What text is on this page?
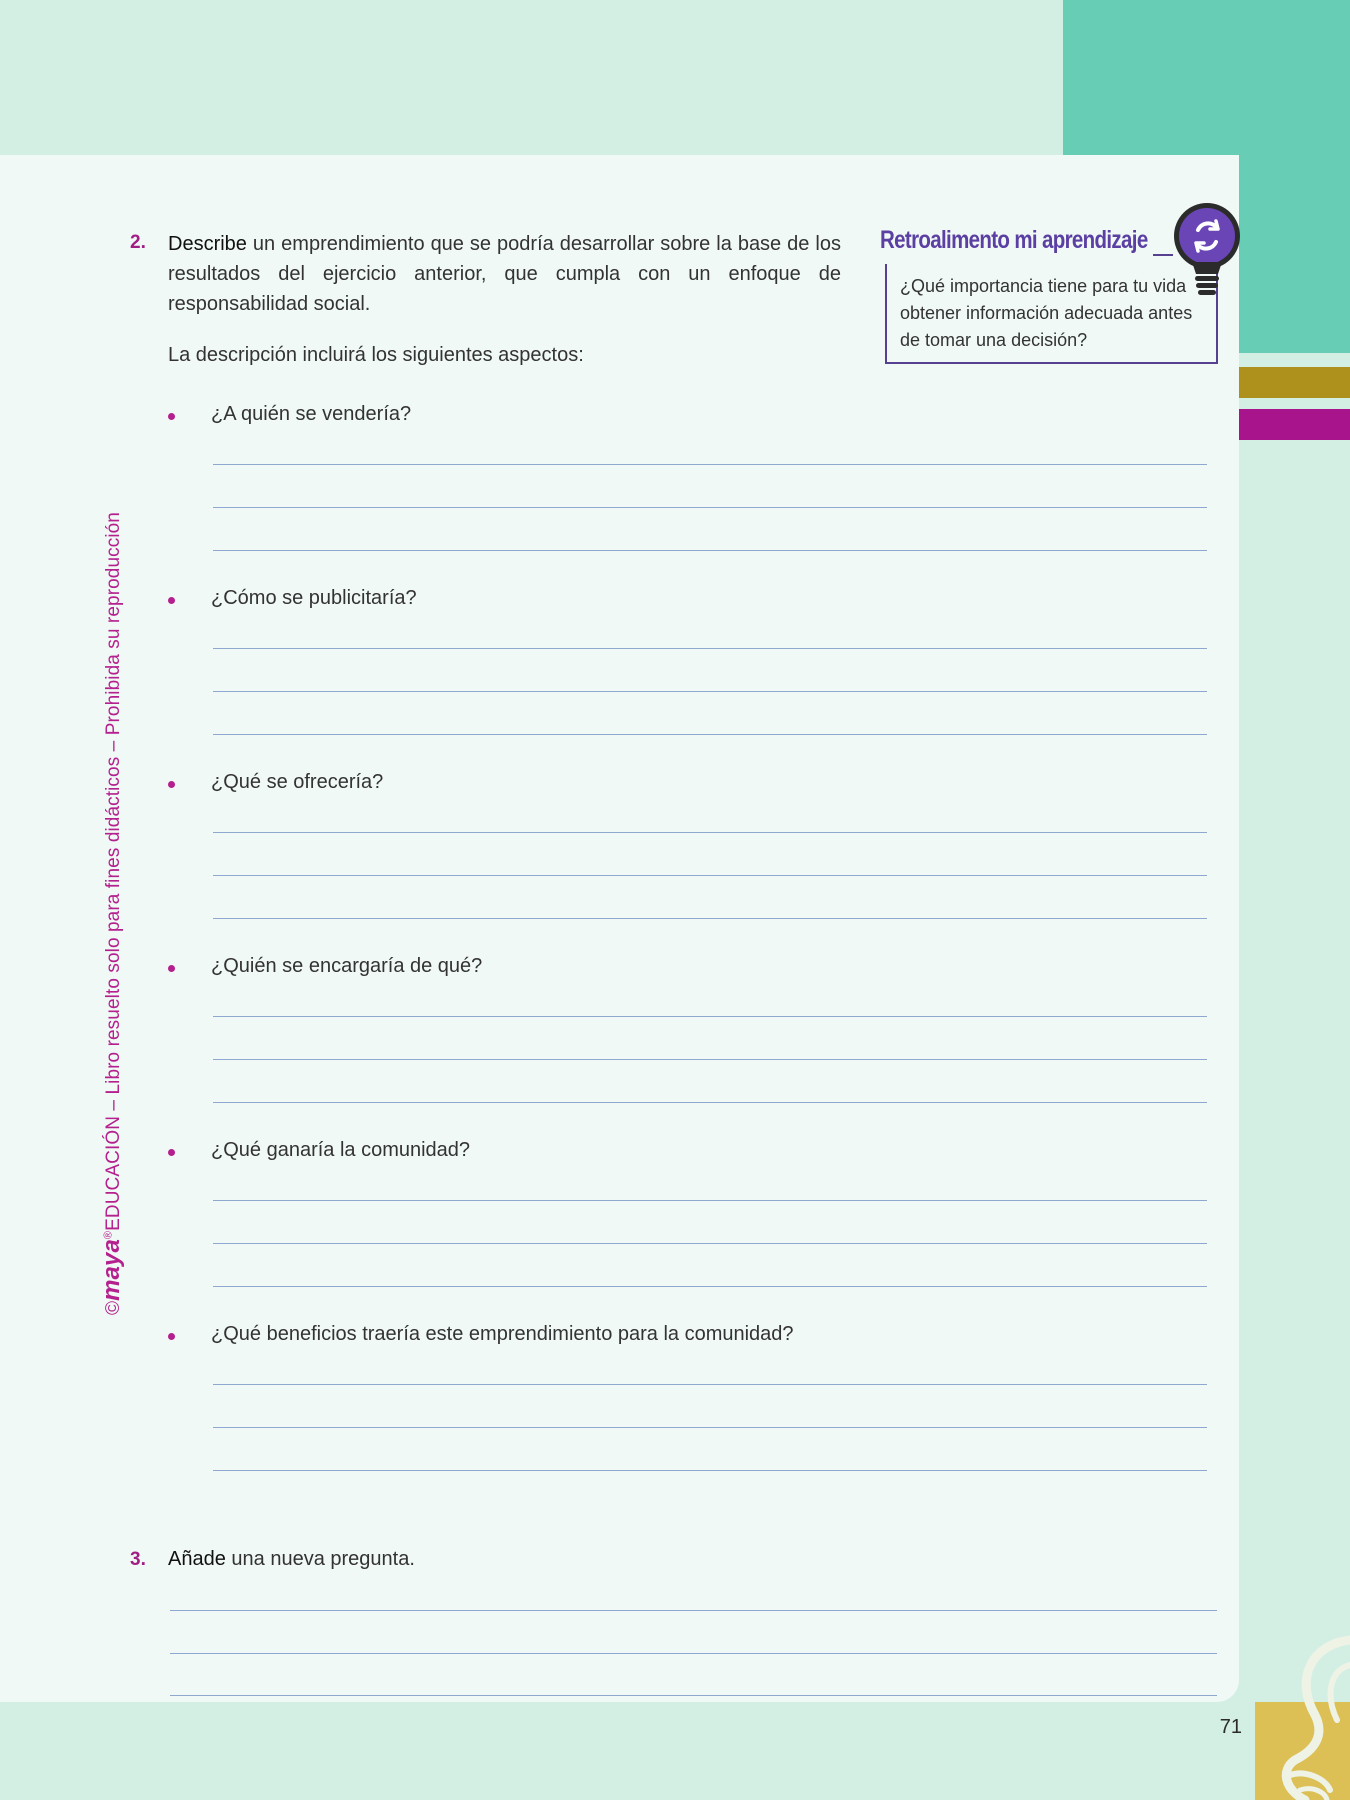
71
©maya®EDUCACIÓN – Libro resuelto solo para fines didácticos – Prohibida su reproducción
2. Describe un emprendimiento que se podría desarrollar sobre la base de los resultados del ejercicio anterior, que cumpla con un enfoque de responsabilidad social.
La descripción incluirá los siguientes aspectos:
Retroalimento mi aprendizaje
¿Qué importancia tiene para tu vida obtener información adecuada antes de tomar una decisión?
¿A quién se vendería?
¿Cómo se publicitaría?
¿Qué se ofrecería?
¿Quién se encargaría de qué?
¿Qué ganaría la comunidad?
¿Qué beneficios traería este emprendimiento para la comunidad?
3. Añade una nueva pregunta.
